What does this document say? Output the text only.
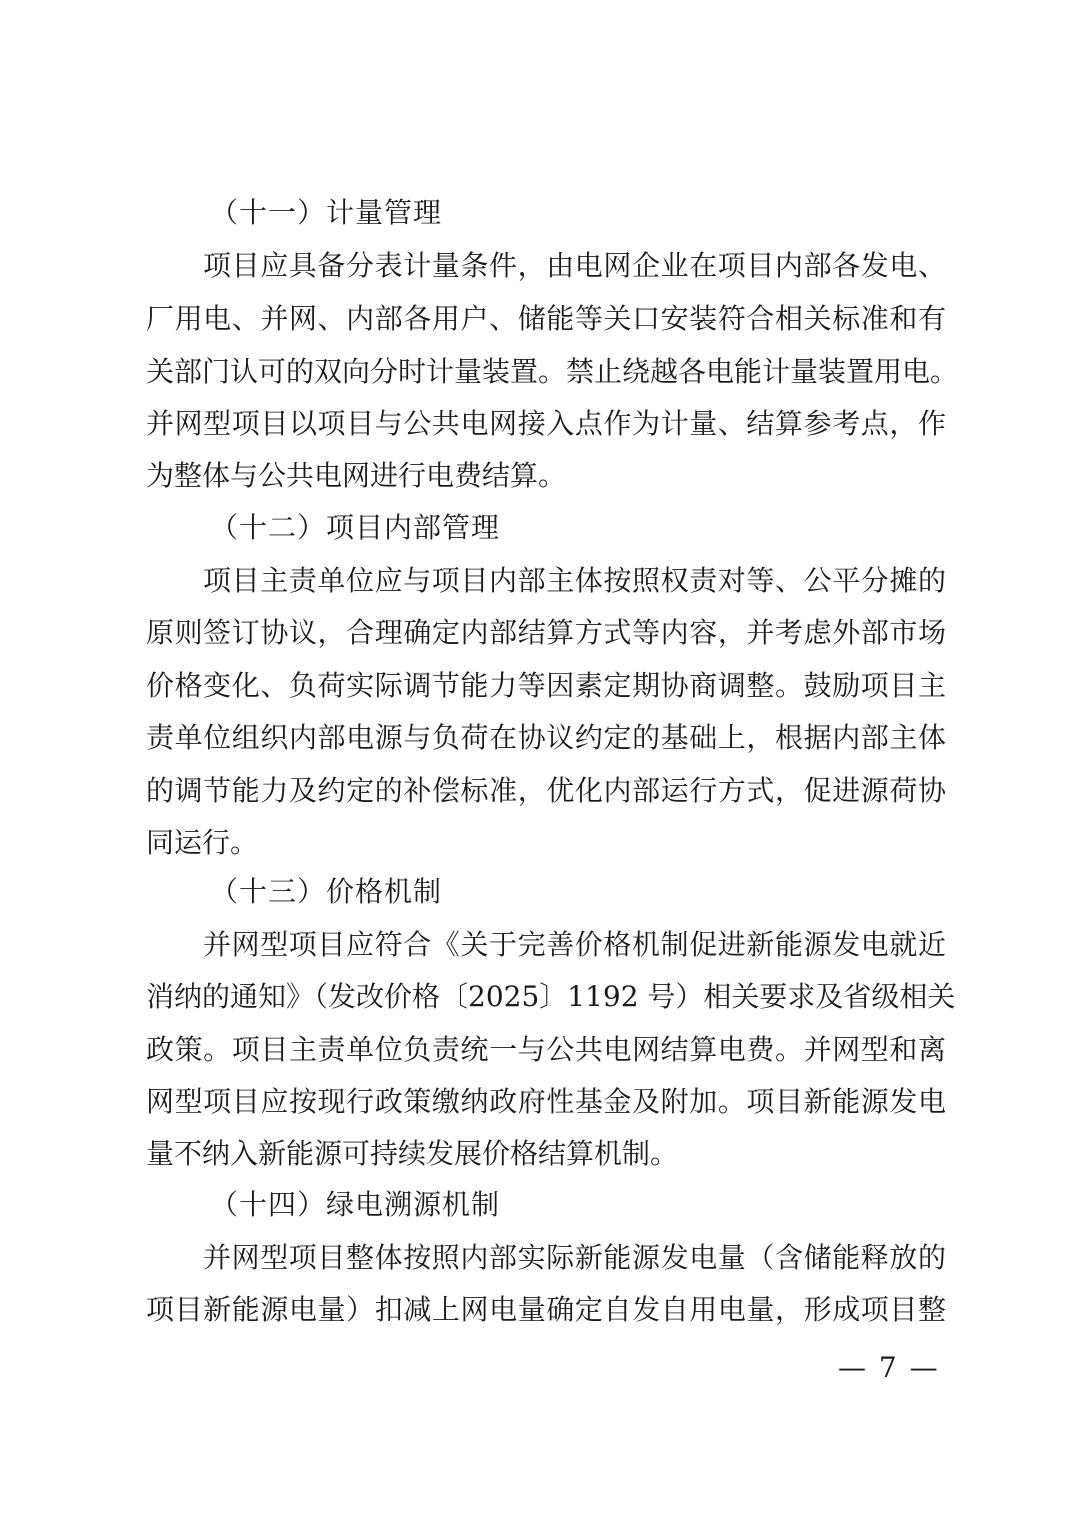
（十一）计量管理
项目应具备分表计量条件，由电网企业在项目内部各发电、
厂用电、并网、内部各用户、储能等关口安装符合相关标准和有
关部门认可的双向分时计量装置。禁止绕越各电能计量装置用电。
并网型项目以项目与公共电网接入点作为计量、结算参考点，作
为整体与公共电网进行电费结算。
（十二）项目内部管理
项目主责单位应与项目内部主体按照权责对等、公平分摊的
原则签订协议，合理确定内部结算方式等内容，并考虑外部市场
价格变化、负荷实际调节能力等因素定期协商调整。鼓励项目主
责单位组织内部电源与负荷在协议约定的基础上，根据内部主体
的调节能力及约定的补偿标准，优化内部运行方式，促进源荷协
同运行。
（十三）价格机制
并网型项目应符合《关于完善价格机制促进新能源发电就近
消纳的通知》（发改价格〔2025〕1192 号）相关要求及省级相关
政策。项目主责单位负责统一与公共电网结算电费。并网型和离
网型项目应按现行政策缴纳政府性基金及附加。项目新能源发电
量不纳入新能源可持续发展价格结算机制。
（十四）绿电溯源机制
并网型项目整体按照内部实际新能源发电量（含储能释放的
项目新能源电量）扣减上网电量确定自发自用电量，形成项目整
— 7 —
